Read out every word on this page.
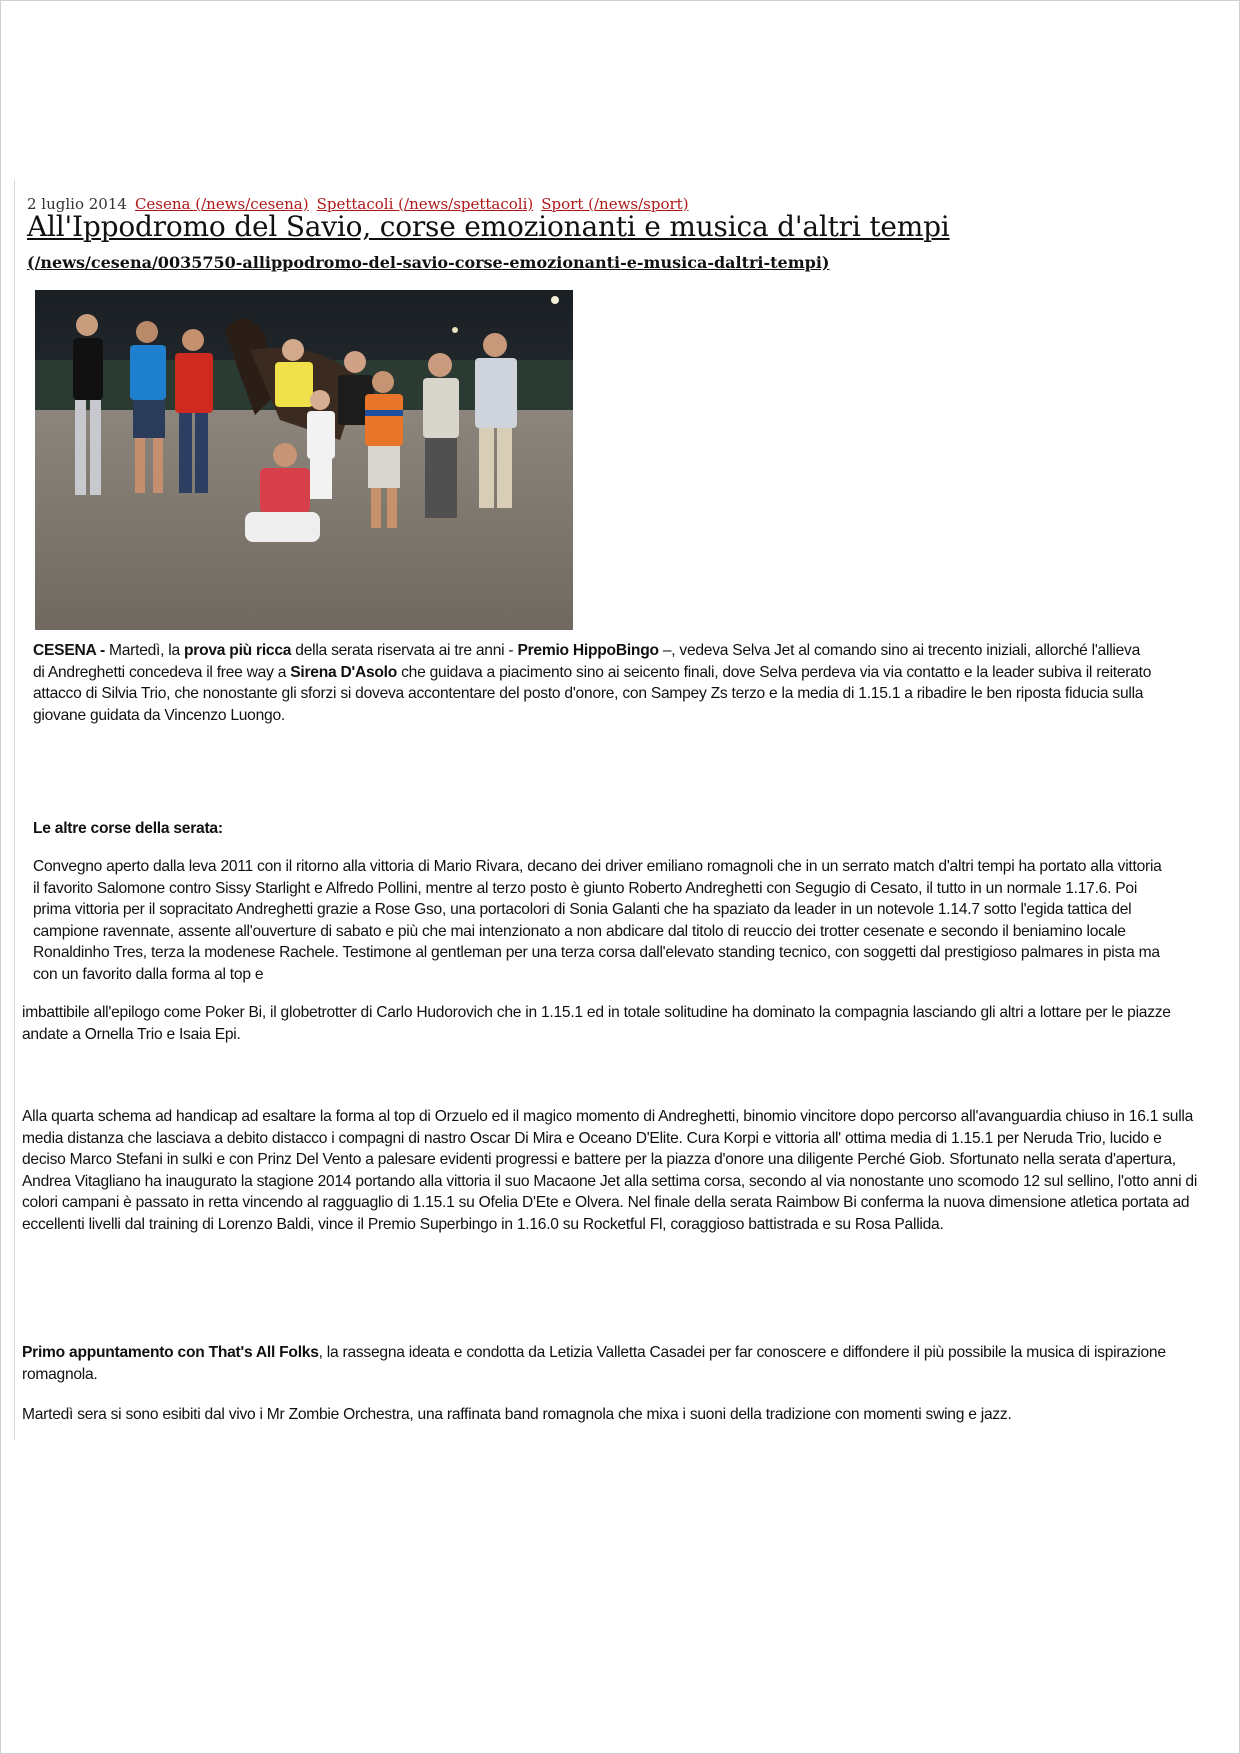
2 luglio 2014 Cesena (/news/cesena) Spettacoli (/news/spettacoli) Sport (/news/sport)
All'Ippodromo del Savio, corse emozionanti e musica d'altri tempi
(/news/cesena/0035750-allippodromo-del-savio-corse-emozionanti-e-musica-daltri-tempi)

CESENA - Martedì, la prova più ricca della serata riservata ai tre anni - Premio HippoBingo –, vedeva Selva Jet al comando sino ai trecento iniziali, allorché l'allieva di Andreghetti concedeva il free way a Sirena D'Asolo che guidava a piacimento sino ai seicento finali, dove Selva perdeva via via contatto e la leader subiva il reiterato attacco di Silvia Trio, che nonostante gli sforzi si doveva accontentare del posto d'onore, con Sampey Zs terzo e la media di 1.15.1 a ribadire le ben riposta fiducia sulla giovane guidata da Vincenzo Luongo.

Le altre corse della serata:

Convegno aperto dalla leva 2011 con il ritorno alla vittoria di Mario Rivara, decano dei driver emiliano romagnoli che in un serrato match d'altri tempi ha portato alla vittoria il favorito Salomone contro Sissy Starlight e Alfredo Pollini, mentre al terzo posto è giunto Roberto Andreghetti con Segugio di Cesato, il tutto in un normale 1.17.6. Poi prima vittoria per il sopracitato Andreghetti grazie a Rose Gso, una portacolori di Sonia Galanti che ha spaziato da leader in un notevole 1.14.7 sotto l'egida tattica del campione ravennate, assente all'ouverture di sabato e più che mai intenzionato a non abdicare dal titolo di reuccio dei trotter cesenate e secondo il beniamino locale Ronaldinho Tres, terza la modenese Rachele. Testimone al gentleman per una terza corsa dall'elevato standing tecnico, con soggetti dal prestigioso palmares in pista ma con un favorito dalla forma al top e

imbattibile all'epilogo come Poker Bi, il globetrotter di Carlo Hudorovich che in 1.15.1 ed in totale solitudine ha dominato la compagnia lasciando gli altri a lottare per le piazze andate a Ornella Trio e Isaia Epi.

Alla quarta schema ad handicap ad esaltare la forma al top di Orzuelo ed il magico momento di Andreghetti, binomio vincitore dopo percorso all'avanguardia chiuso in 16.1 sulla media distanza che lasciava a debito distacco i compagni di nastro Oscar Di Mira e Oceano D'Elite. Cura Korpi e vittoria all' ottima media di 1.15.1 per Neruda Trio, lucido e deciso Marco Stefani in sulki e con Prinz Del Vento a palesare evidenti progressi e battere per la piazza d'onore una diligente Perché Giob. Sfortunato nella serata d'apertura, Andrea Vitagliano ha inaugurato la stagione 2014 portando alla vittoria il suo Macaone Jet alla settima corsa, secondo al via nonostante uno scomodo 12 sul sellino, l'otto anni di colori campani è passato in retta vincendo al ragguaglio di 1.15.1 su Ofelia D'Ete e Olvera. Nel finale della serata Raimbow Bi conferma la nuova dimensione atletica portata ad eccellenti livelli dal training di Lorenzo Baldi, vince il Premio Superbingo in 1.16.0 su Rocketful Fl, coraggioso battistrada e su Rosa Pallida.

Primo appuntamento con That's All Folks, la rassegna ideata e condotta da Letizia Valletta Casadei per far conoscere e diffondere il più possibile la musica di ispirazione romagnola.

Martedì sera si sono esibiti dal vivo i Mr Zombie Orchestra, una raffinata band romagnola che mixa i suoni della tradizione con momenti swing e jazz.
